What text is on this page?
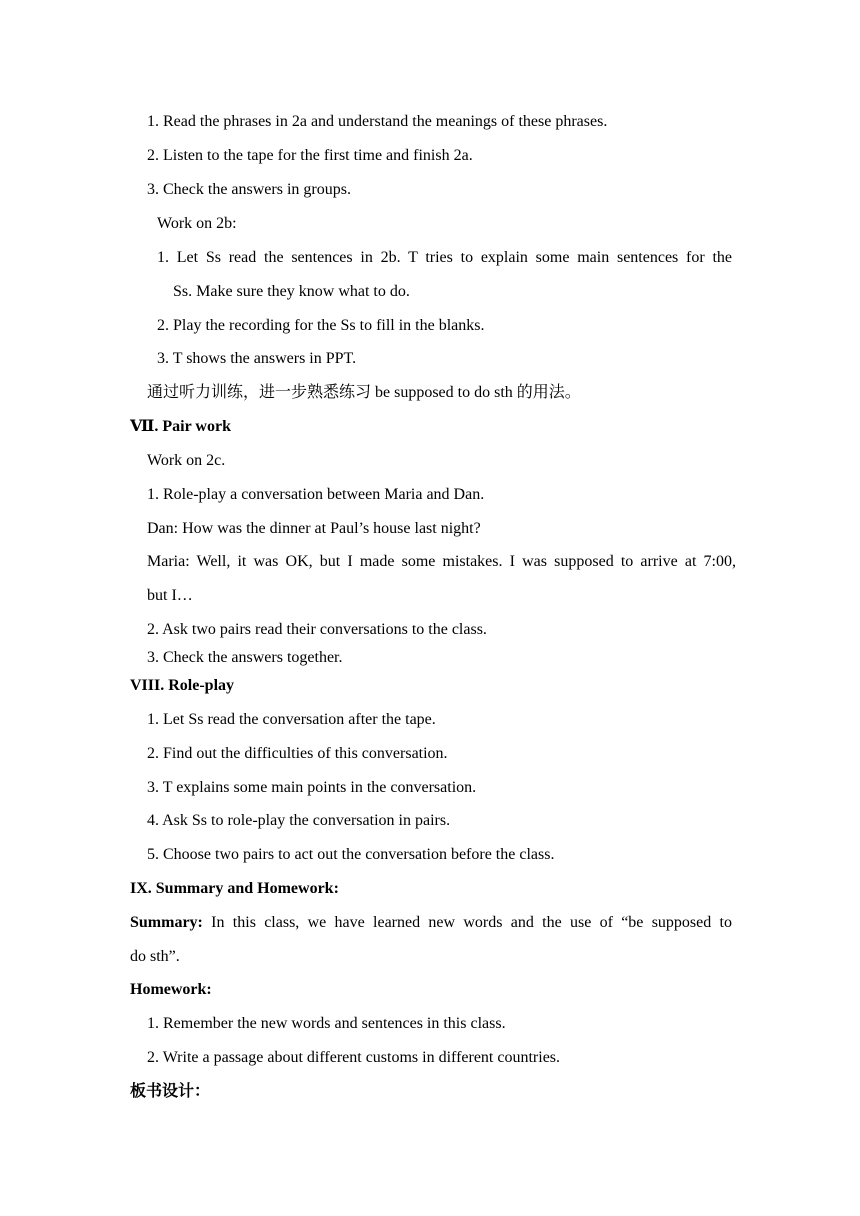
1. Read the phrases in 2a and understand the meanings of these phrases.
2. Listen to the tape for the first time and finish 2a.
3. Check the answers in groups.
Work on 2b:
1. Let Ss read the sentences in 2b. T tries to explain some main sentences for the
Ss. Make sure they know what to do.
2. Play the recording for the Ss to fill in the blanks.
3. T shows the answers in PPT.
通过听力训练，进一步熟悉练习 be supposed to do sth 的用法。
Ⅶ. Pair work
Work on 2c.
1. Role-play a conversation between Maria and Dan.
Dan: How was the dinner at Paul’s house last night?
Maria: Well, it was OK, but I made some mistakes. I was supposed to arrive at 7:00,
but I…
2. Ask two pairs read their conversations to the class.
3. Check the answers together.
VIII. Role-play
1. Let Ss read the conversation after the tape.
2. Find out the difficulties of this conversation.
3. T explains some main points in the conversation.
4. Ask Ss to role-play the conversation in pairs.
5. Choose two pairs to act out the conversation before the class.
IX. Summary and Homework:
Summary: In this class, we have learned new words and the use of “be supposed to
do sth”.
Homework:
1. Remember the new words and sentences in this class.
2. Write a passage about different customs in different countries.
板书设计：
